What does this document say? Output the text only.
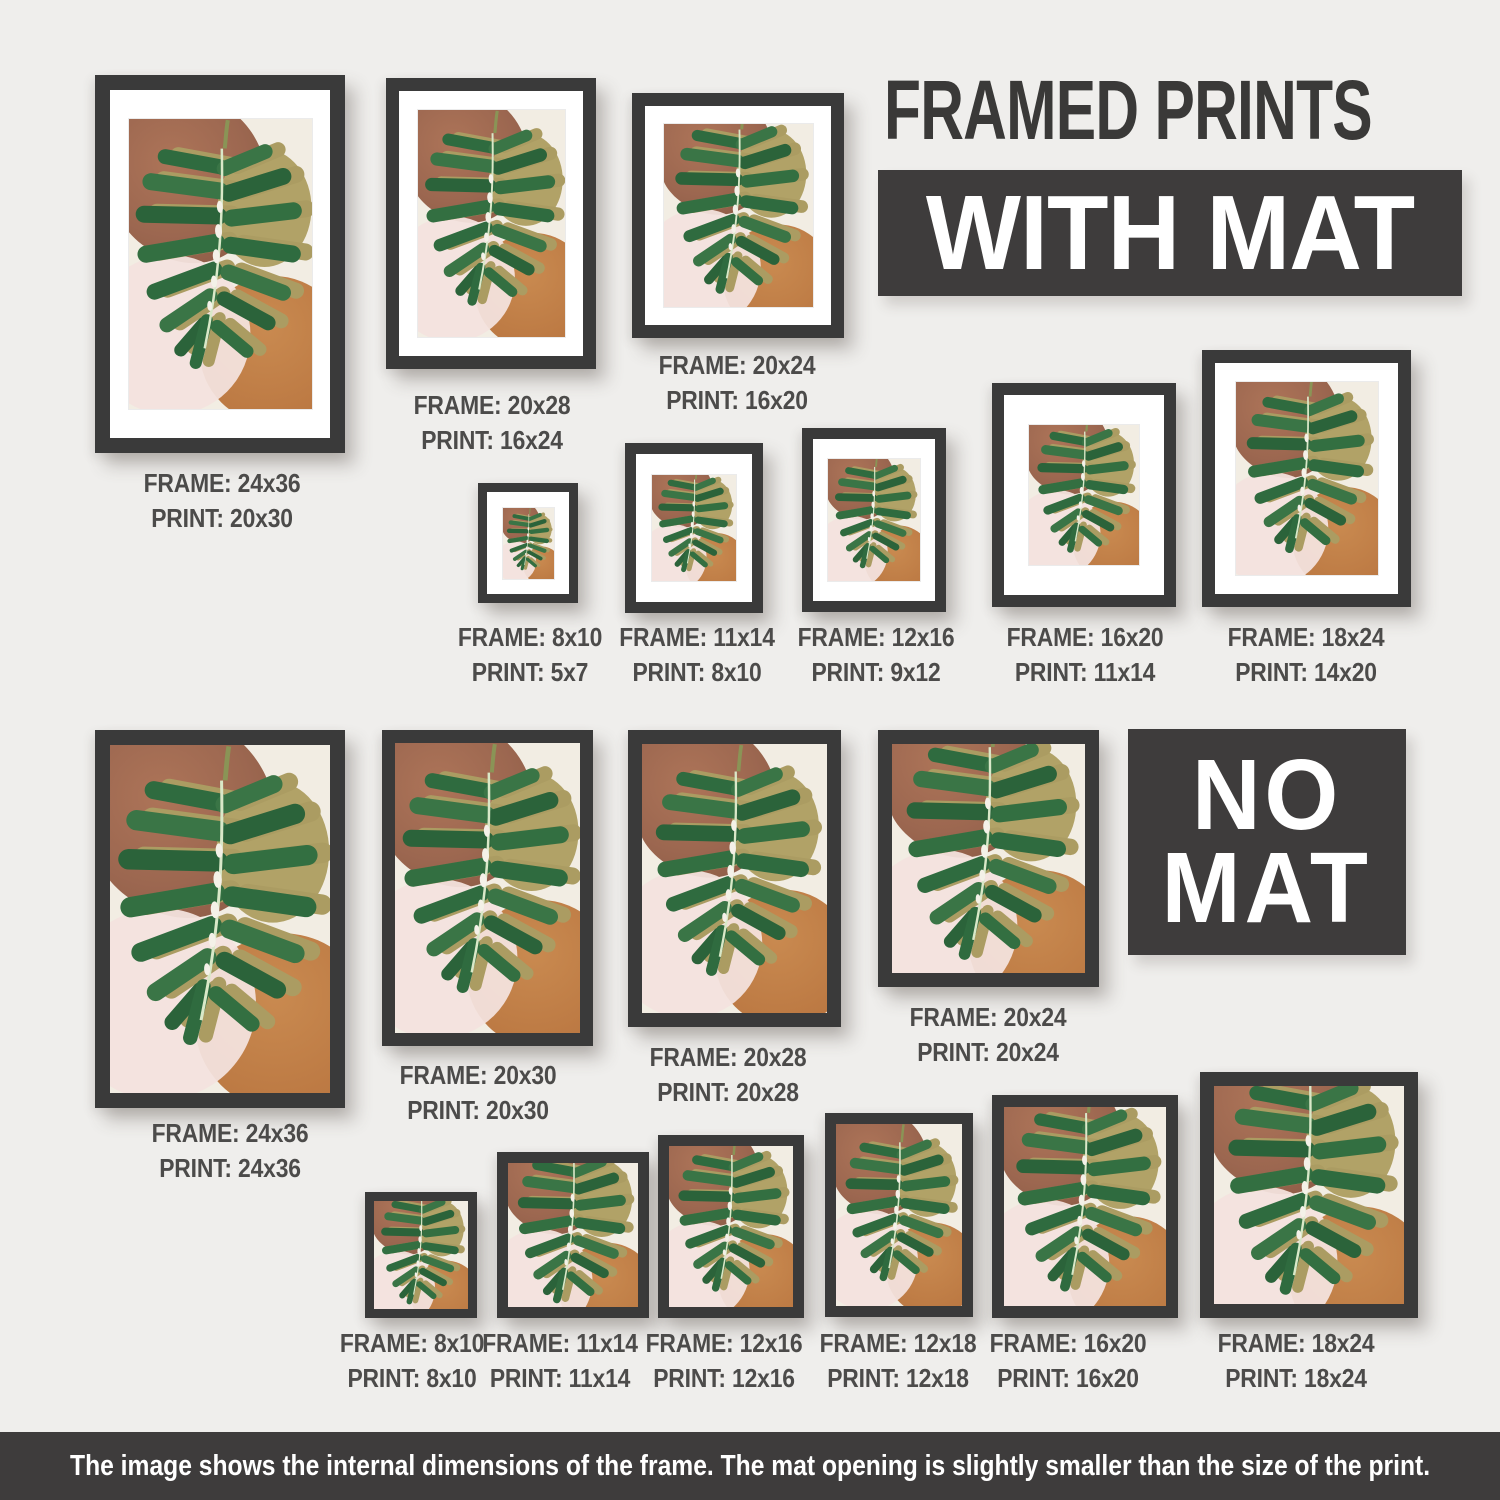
FRAMED PRINTS
WITH MAT
NO
MAT
The image shows the internal dimensions of the frame. The mat opening is slightly smaller than the size of the print.
FRAME: 24x36
PRINT: 20x30
FRAME: 20x28
PRINT: 16x24
FRAME: 20x24
PRINT: 16x20
FRAME: 8x10
PRINT: 5x7
FRAME: 11x14
PRINT: 8x10
FRAME: 12x16
PRINT: 9x12
FRAME: 16x20
PRINT: 11x14
FRAME: 18x24
PRINT: 14x20
FRAME: 24x36
PRINT: 24x36
FRAME: 20x30
PRINT: 20x30
FRAME: 20x28
PRINT: 20x28
FRAME: 20x24
PRINT: 20x24
FRAME: 8x10
PRINT: 8x10
FRAME: 11x14
PRINT: 11x14
FRAME: 12x16
PRINT: 12x16
FRAME: 12x18
PRINT: 12x18
FRAME: 16x20
PRINT: 16x20
FRAME: 18x24
PRINT: 18x24
